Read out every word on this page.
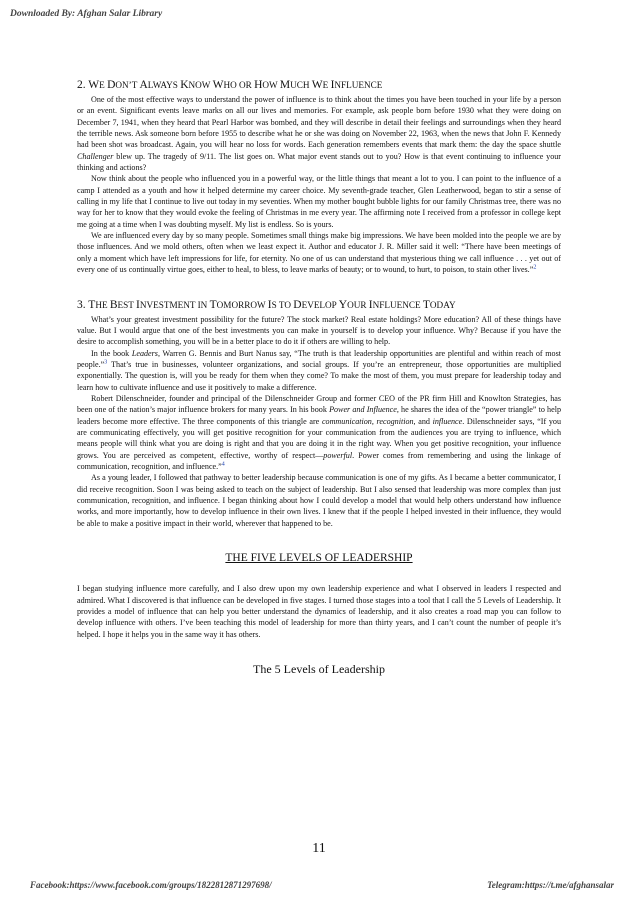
Downloaded By: Afghan Salar Library
2. WE DON’T ALWAYS KNOW WHO OR HOW MUCH WE INFLUENCE

One of the most effective ways to understand the power of influence is to think about the times you have been touched in your life by a person or an event. Significant events leave marks on all our lives and memories. For example, ask people born before 1930 what they were doing on December 7, 1941, when they heard that Pearl Harbor was bombed, and they will describe in detail their feelings and surroundings when they heard the terrible news. Ask someone born before 1955 to describe what he or she was doing on November 22, 1963, when the news that John F. Kennedy had been shot was broadcast. Again, you will hear no loss for words. Each generation remembers events that mark them: the day the space shuttle Challenger blew up. The tragedy of 9/11. The list goes on. What major event stands out to you? How is that event continuing to influence your thinking and actions?

Now think about the people who influenced you in a powerful way, or the little things that meant a lot to you. I can point to the influence of a camp I attended as a youth and how it helped determine my career choice. My seventh-grade teacher, Glen Leatherwood, began to stir a sense of calling in my life that I continue to live out today in my seventies. When my mother bought bubble lights for our family Christmas tree, there was no way for her to know that they would evoke the feeling of Christmas in me every year. The affirming note I received from a professor in college kept me going at a time when I was doubting myself. My list is endless. So is yours.

We are influenced every day by so many people. Sometimes small things make big impressions. We have been molded into the people we are by those influences. And we mold others, often when we least expect it. Author and educator J. R. Miller said it well: “There have been meetings of only a moment which have left impressions for life, for eternity. No one of us can understand that mysterious thing we call influence . . . yet out of every one of us continually virtue goes, either to heal, to bless, to leave marks of beauty; or to wound, to hurt, to poison, to stain other lives.”$^2$

3. THE BEST INVESTMENT IN TOMORROW IS TO DEVELOP YOUR INFLUENCE TODAY

What’s your greatest investment possibility for the future? The stock market? Real estate holdings? More education? All of these things have value. But I would argue that one of the best investments you can make in yourself is to develop your influence. Why? Because if you have the desire to accomplish something, you will be in a better place to do it if others are willing to help.

In the book Leaders, Warren G. Bennis and Burt Nanus say, “The truth is that leadership opportunities are plentiful and within reach of most people.”$^3$ That’s true in businesses, volunteer organizations, and social groups. If you’re an entrepreneur, those opportunities are multiplied exponentially. The question is, will you be ready for them when they come? To make the most of them, you must prepare for leadership today and learn how to cultivate influence and use it positively to make a difference.

Robert Dilenschneider, founder and principal of the Dilenschneider Group and former CEO of the PR firm Hill and Knowlton Strategies, has been one of the nation’s major influence brokers for many years. In his book Power and Influence, he shares the idea of the “power triangle” to help leaders become more effective. The three components of this triangle are communication, recognition, and influence. Dilenschneider says, “If you are communicating effectively, you will get positive recognition for your communication from the audiences you are trying to influence, which means people will think what you are doing is right and that you are doing it in the right way. When you get positive recognition, your influence grows. You are perceived as competent, effective, worthy of respect—powerful. Power comes from remembering and using the linkage of communication, recognition, and influence.”$^4$

As a young leader, I followed that pathway to better leadership because communication is one of my gifts. As I became a better communicator, I did receive recognition. Soon I was being asked to teach on the subject of leadership. But I also sensed that leadership was more complex than just communication, recognition, and influence. I began thinking about how I could develop a model that would help others understand how influence works, and more importantly, how to develop influence in their own lives. I knew that if the people I helped invested in their influence, they would be able to make a positive impact in their world, wherever that happened to be.

THE FIVE LEVELS OF LEADERSHIP

I began studying influence more carefully, and I also drew upon my own leadership experience and what I observed in leaders I respected and admired. What I discovered is that influence can be developed in five stages. I turned those stages into a tool that I call the 5 Levels of Leadership. It provides a model of influence that can help you better understand the dynamics of leadership, and it also creates a road map you can follow to develop influence with others. I’ve been teaching this model of leadership for more than thirty years, and I can’t count the number of people it’s helped. I hope it helps you in the same way it has others.

The 5 Levels of Leadership

11
Facebook:https://www.facebook.com/groups/1822812871297698/	Telegram:https://t.me/afghansalar
